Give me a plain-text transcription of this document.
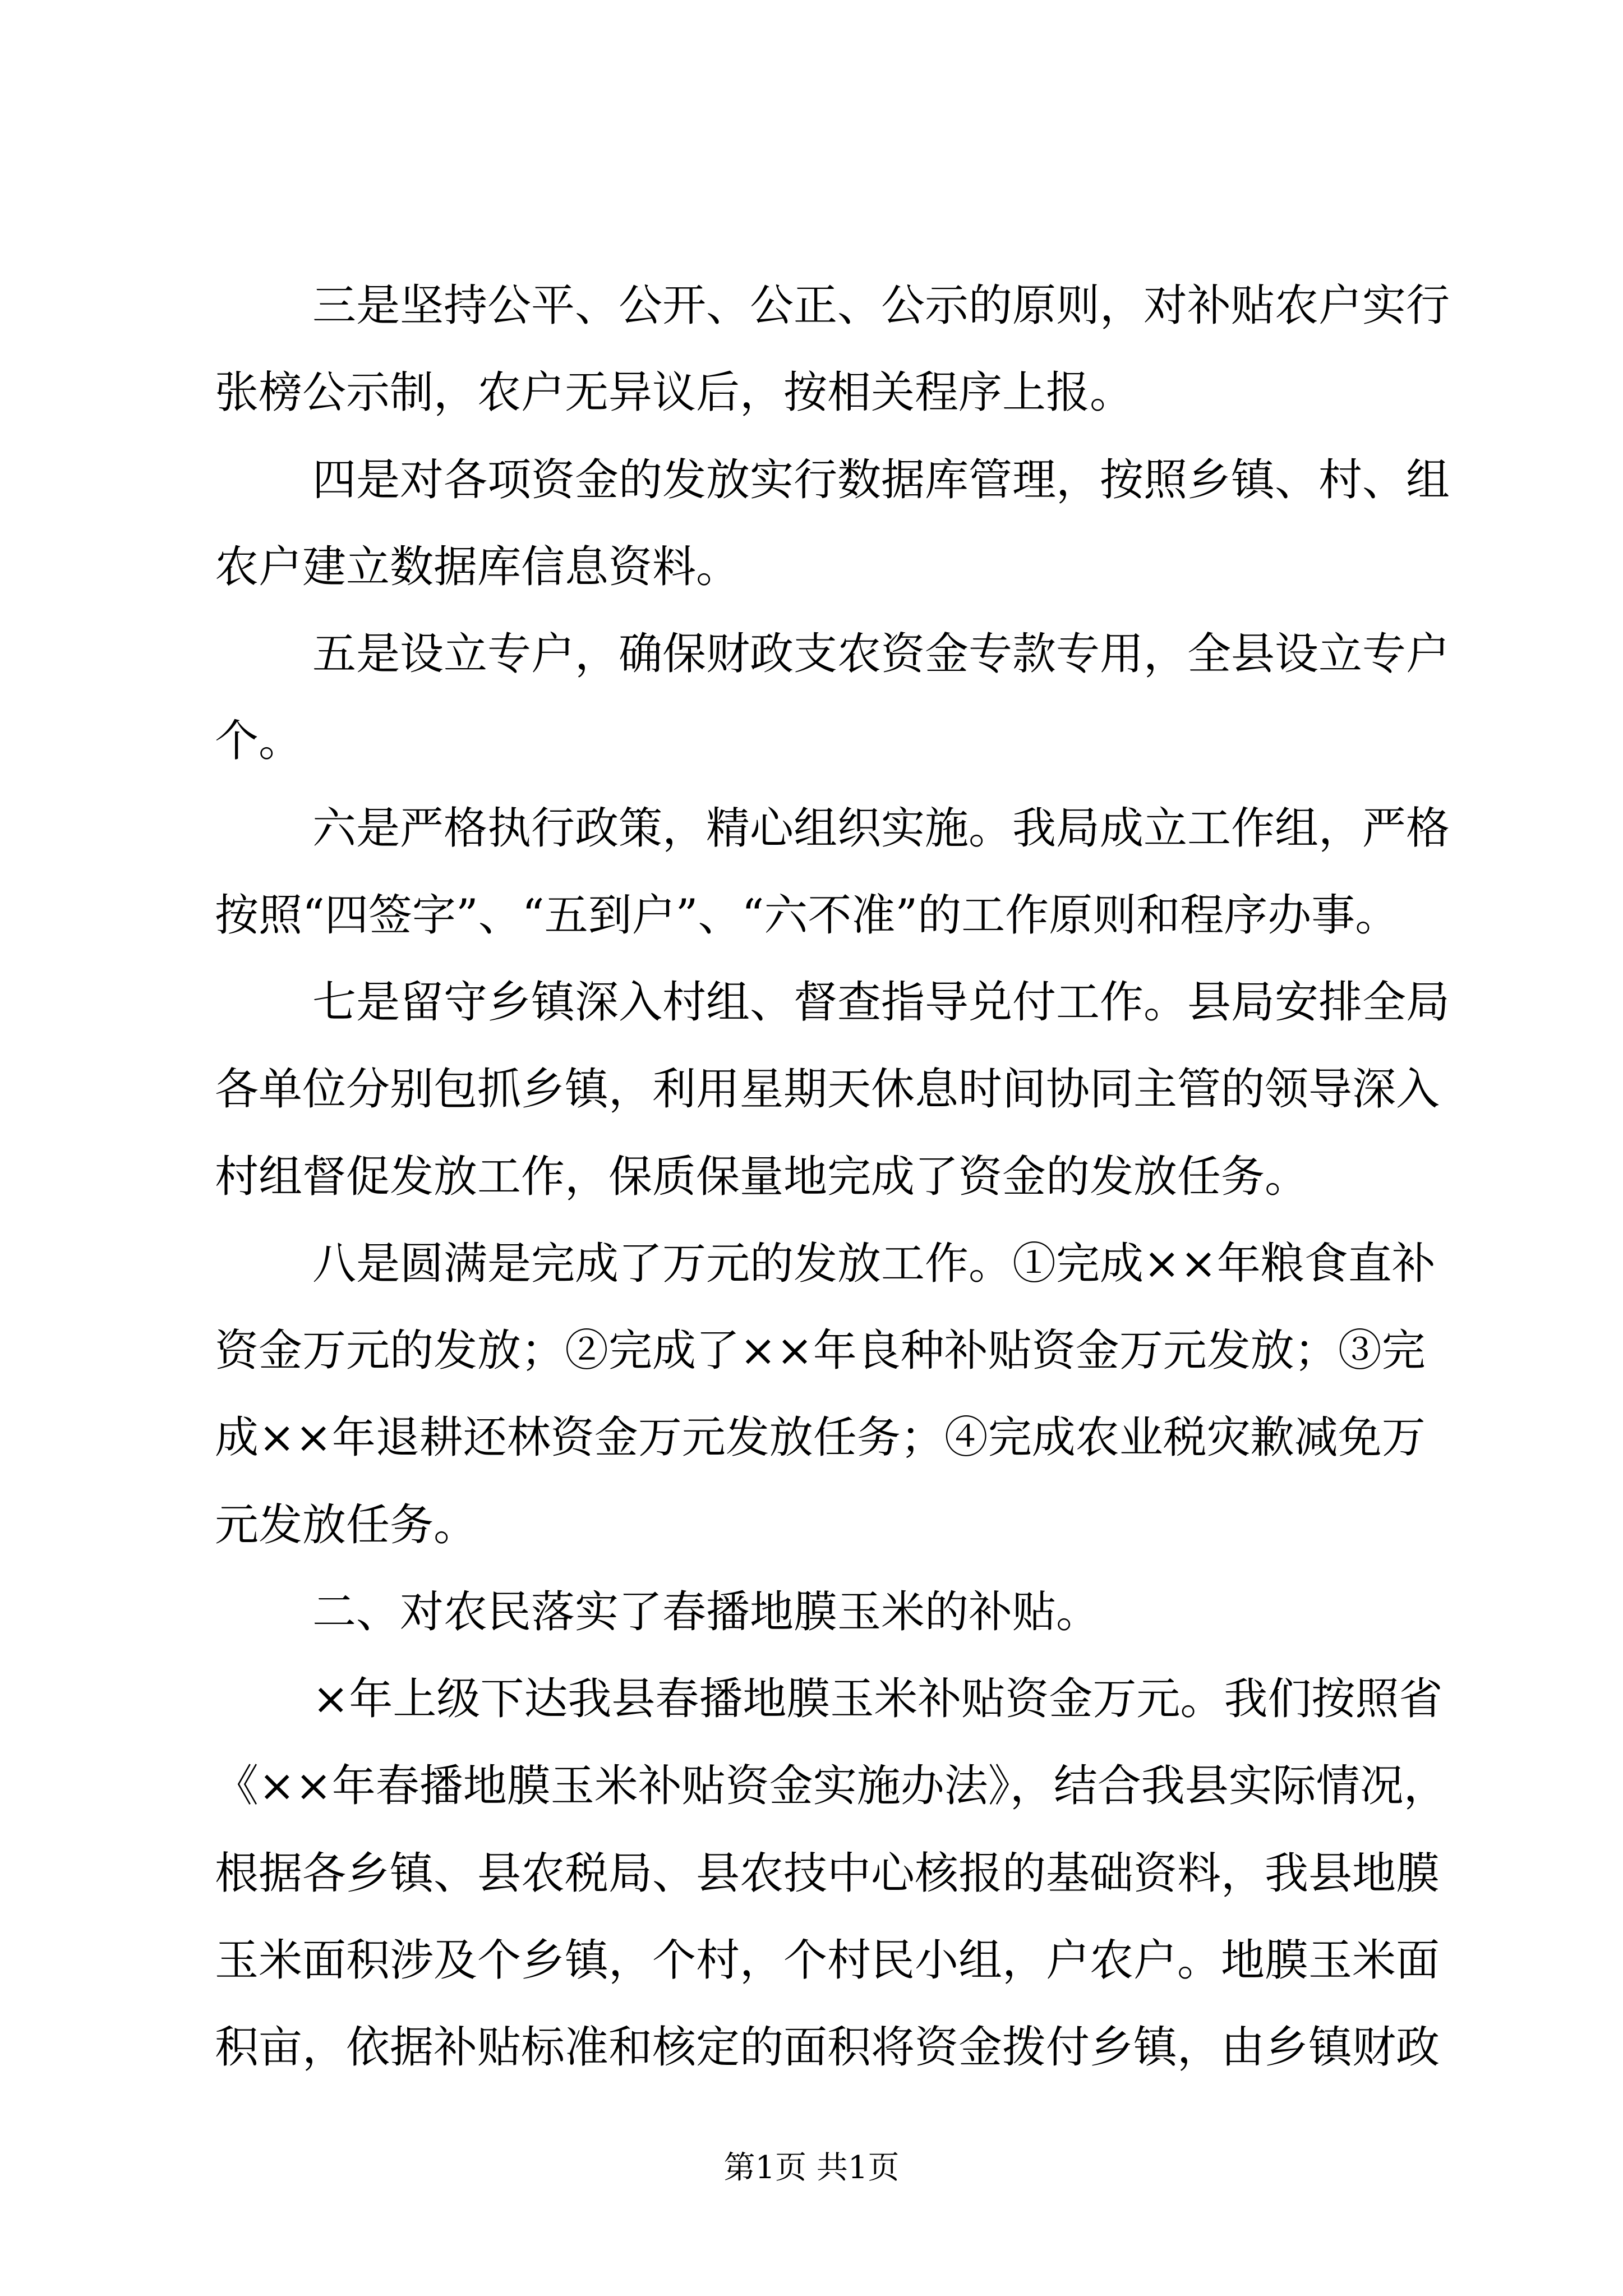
三是坚持公平、公开、公正、公示的原则，对补贴农户实行
张榜公示制，农户无异议后，按相关程序上报。
四是对各项资金的发放实行数据库管理，按照乡镇、村、组
农户建立数据库信息资料。
五是设立专户，确保财政支农资金专款专用，全县设立专户
个。
六是严格执行政策，精心组织实施。我局成立工作组，严格
按照“四签字”、“五到户”、“六不准”的工作原则和程序办事。
七是留守乡镇深入村组、督查指导兑付工作。县局安排全局
各单位分别包抓乡镇，利用星期天休息时间协同主管的领导深入
村组督促发放工作，保质保量地完成了资金的发放任务。
八是圆满是完成了万元的发放工作。①完成××年粮食直补
资金万元的发放；②完成了××年良种补贴资金万元发放；③完
成××年退耕还林资金万元发放任务；④完成农业税灾歉减免万
元发放任务。
二、对农民落实了春播地膜玉米的补贴。
×年上级下达我县春播地膜玉米补贴资金万元。我们按照省
《××年春播地膜玉米补贴资金实施办法》，结合我县实际情况，
根据各乡镇、县农税局、县农技中心核报的基础资料，我县地膜
玉米面积涉及个乡镇，个村，个村民小组，户农户。地膜玉米面
积亩，依据补贴标准和核定的面积将资金拨付乡镇，由乡镇财政
第1页 共1页
